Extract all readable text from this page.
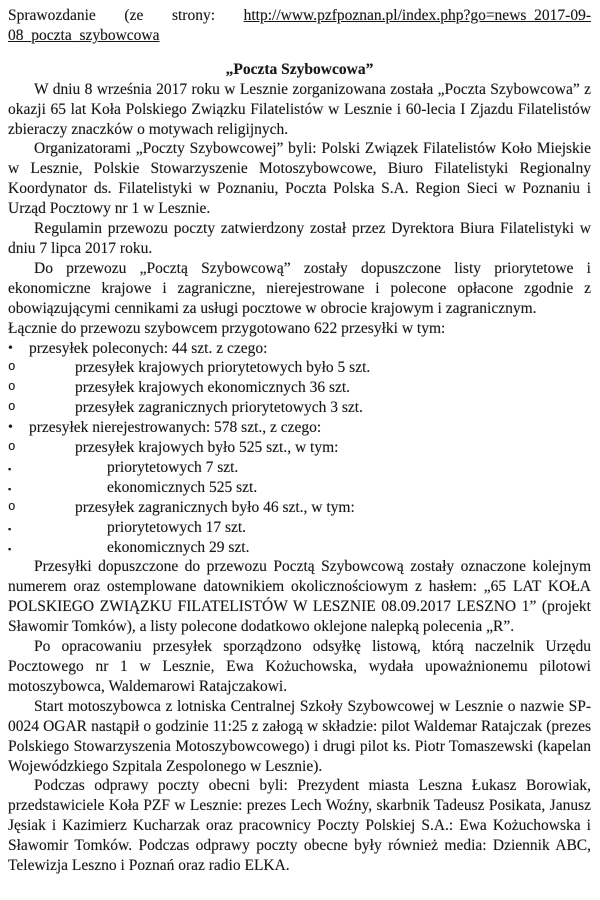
Sprawozdanie (ze strony: http://www.pzfpoznan.pl/index.php?go=news_2017-09-08_poczta_szybowcowa

„Poczta Szybowcowa”

W dniu 8 września 2017 roku w Lesznie zorganizowana została „Poczta Szybowcowa” z okazji 65 lat Koła Polskiego Związku Filatelistów w Lesznie i 60-lecia I Zjazdu Filatelistów zbieraczy znaczków o motywach religijnych.

Organizatorami „Poczty Szybowcowej” byli: Polski Związek Filatelistów Koło Miejskie w Lesznie, Polskie Stowarzyszenie Motoszybowcowe, Biuro Filatelistyki Regionalny Koordynator ds. Filatelistyki w Poznaniu, Poczta Polska S.A. Region Sieci w Poznaniu i Urząd Pocztowy nr 1 w Lesznie.

Regulamin przewozu poczty zatwierdzony został przez Dyrektora Biura Filatelistyki w dniu 7 lipca 2017 roku.

Do przewozu „Pocztą Szybowcową” zostały dopuszczone listy priorytetowe i ekonomiczne krajowe i zagraniczne, nierejestrowane i polecone opłacone zgodnie z obowiązującymi cennikami za usługi pocztowe w obrocie krajowym i zagranicznym.

Łącznie do przewozu szybowcem przygotowano 622 przesyłki w tym:

• przesyłek poleconych: 44 szt. z czego:
o	przesyłek krajowych priorytetowych było 5 szt.
o	przesyłek krajowych ekonomicznych 36 szt.
o	przesyłek zagranicznych priorytetowych 3 szt.
• przesyłek nierejestrowanych: 578 szt., z czego:
o	przesyłek krajowych było 525 szt., w tym:
▪	priorytetowych 7 szt.
▪	ekonomicznych 525 szt.
o	przesyłek zagranicznych było 46 szt., w tym:
▪	priorytetowych 17 szt.
▪	ekonomicznych 29 szt.

Przesyłki dopuszczone do przewozu Pocztą Szybowcową zostały oznaczone kolejnym numerem oraz ostemplowane datownikiem okolicznościowym z hasłem: „65 LAT KOŁA POLSKIEGO ZWIĄZKU FILATELISTÓW W LESZNIE 08.09.2017 LESZNO 1” (projekt Sławomir Tomków), a listy polecone dodatkowo oklejone nalepką polecenia „R”.

Po opracowaniu przesyłek sporządzono odsyłkę listową, którą naczelnik Urzędu Pocztowego nr 1 w Lesznie, Ewa Kożuchowska, wydała upoważnionemu pilotowi motoszybowca, Waldemarowi Ratajczakowi.

Start motoszybowca z lotniska Centralnej Szkoły Szybowcowej w Lesznie o nazwie SP-0024 OGAR nastąpił o godzinie 11:25 z załogą w składzie: pilot Waldemar Ratajczak (prezes Polskiego Stowarzyszenia Motoszybowcowego) i drugi pilot ks. Piotr Tomaszewski (kapelan Wojewódzkiego Szpitala Zespolonego w Lesznie).

Podczas odprawy poczty obecni byli: Prezydent miasta Leszna Łukasz Borowiak, przedstawiciele Koła PZF w Lesznie: prezes Lech Woźny, skarbnik Tadeusz Posikata, Janusz Jęsiak i Kazimierz Kucharzak oraz pracownicy Poczty Polskiej S.A.: Ewa Kożuchowska i Sławomir Tomków. Podczas odprawy poczty obecne były również media: Dziennik ABC, Telewizja Leszno i Poznań oraz radio ELKA.
